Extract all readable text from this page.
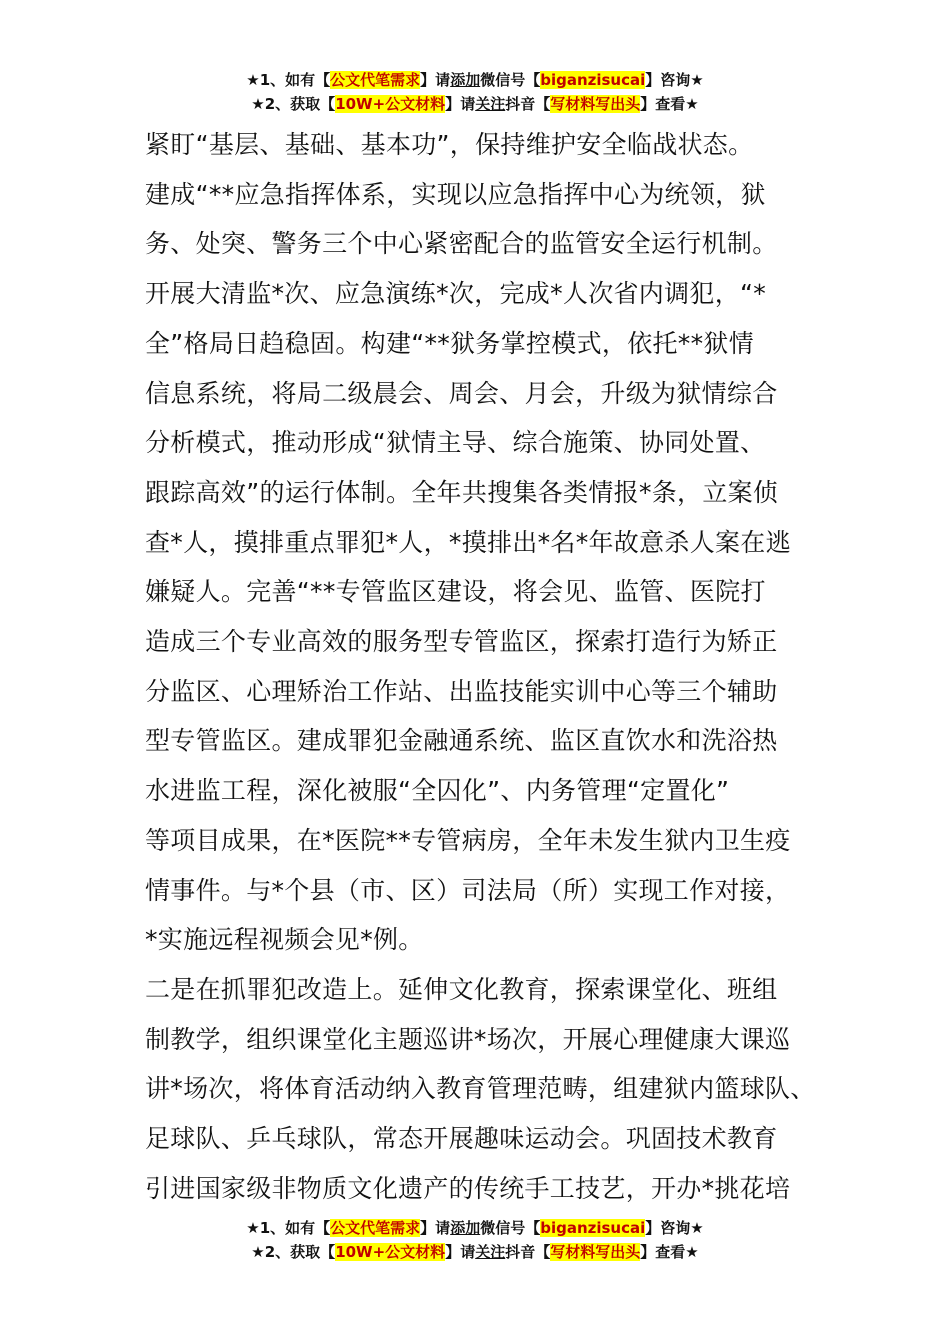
★1、如有【公文代笔需求】请添加微信号【biganzisucai】咨询★
★2、获取【10W+公文材料】请关注抖音【写材料写出头】查看★
紧盯“基层、基础、基本功”，保持维护安全临战状态。
建成“**应急指挥体系，实现以应急指挥中心为统领，狱
务、处突、警务三个中心紧密配合的监管安全运行机制。
开展大清监*次、应急演练*次，完成*人次省内调犯，“*
全”格局日趋稳固。构建“**狱务掌控模式，依托**狱情
信息系统，将局二级晨会、周会、月会，升级为狱情综合
分析模式，推动形成“狱情主导、综合施策、协同处置、
跟踪高效”的运行体制。全年共搜集各类情报*条，立案侦
查*人，摸排重点罪犯*人，*摸排出*名*年故意杀人案在逃
嫌疑人。完善“**专管监区建设，将会见、监管、医院打
造成三个专业高效的服务型专管监区，探索打造行为矫正
分监区、心理矫治工作站、出监技能实训中心等三个辅助
型专管监区。建成罪犯金融通系统、监区直饮水和洗浴热
水进监工程，深化被服“全囚化”、内务管理“定置化”
等项目成果，在*医院**专管病房，全年未发生狱内卫生疫
情事件。与*个县（市、区）司法局（所）实现工作对接，
*实施远程视频会见*例。
二是在抓罪犯改造上。延伸文化教育，探索课堂化、班组
制教学，组织课堂化主题巡讲*场次，开展心理健康大课巡
讲*场次，将体育活动纳入教育管理范畴，组建狱内篮球队、
足球队、乒乓球队，常态开展趣味运动会。巩固技术教育
引进国家级非物质文化遗产的传统手工技艺，开办*挑花培
★1、如有【公文代笔需求】请添加微信号【biganzisucai】咨询★
★2、获取【10W+公文材料】请关注抖音【写材料写出头】查看★
